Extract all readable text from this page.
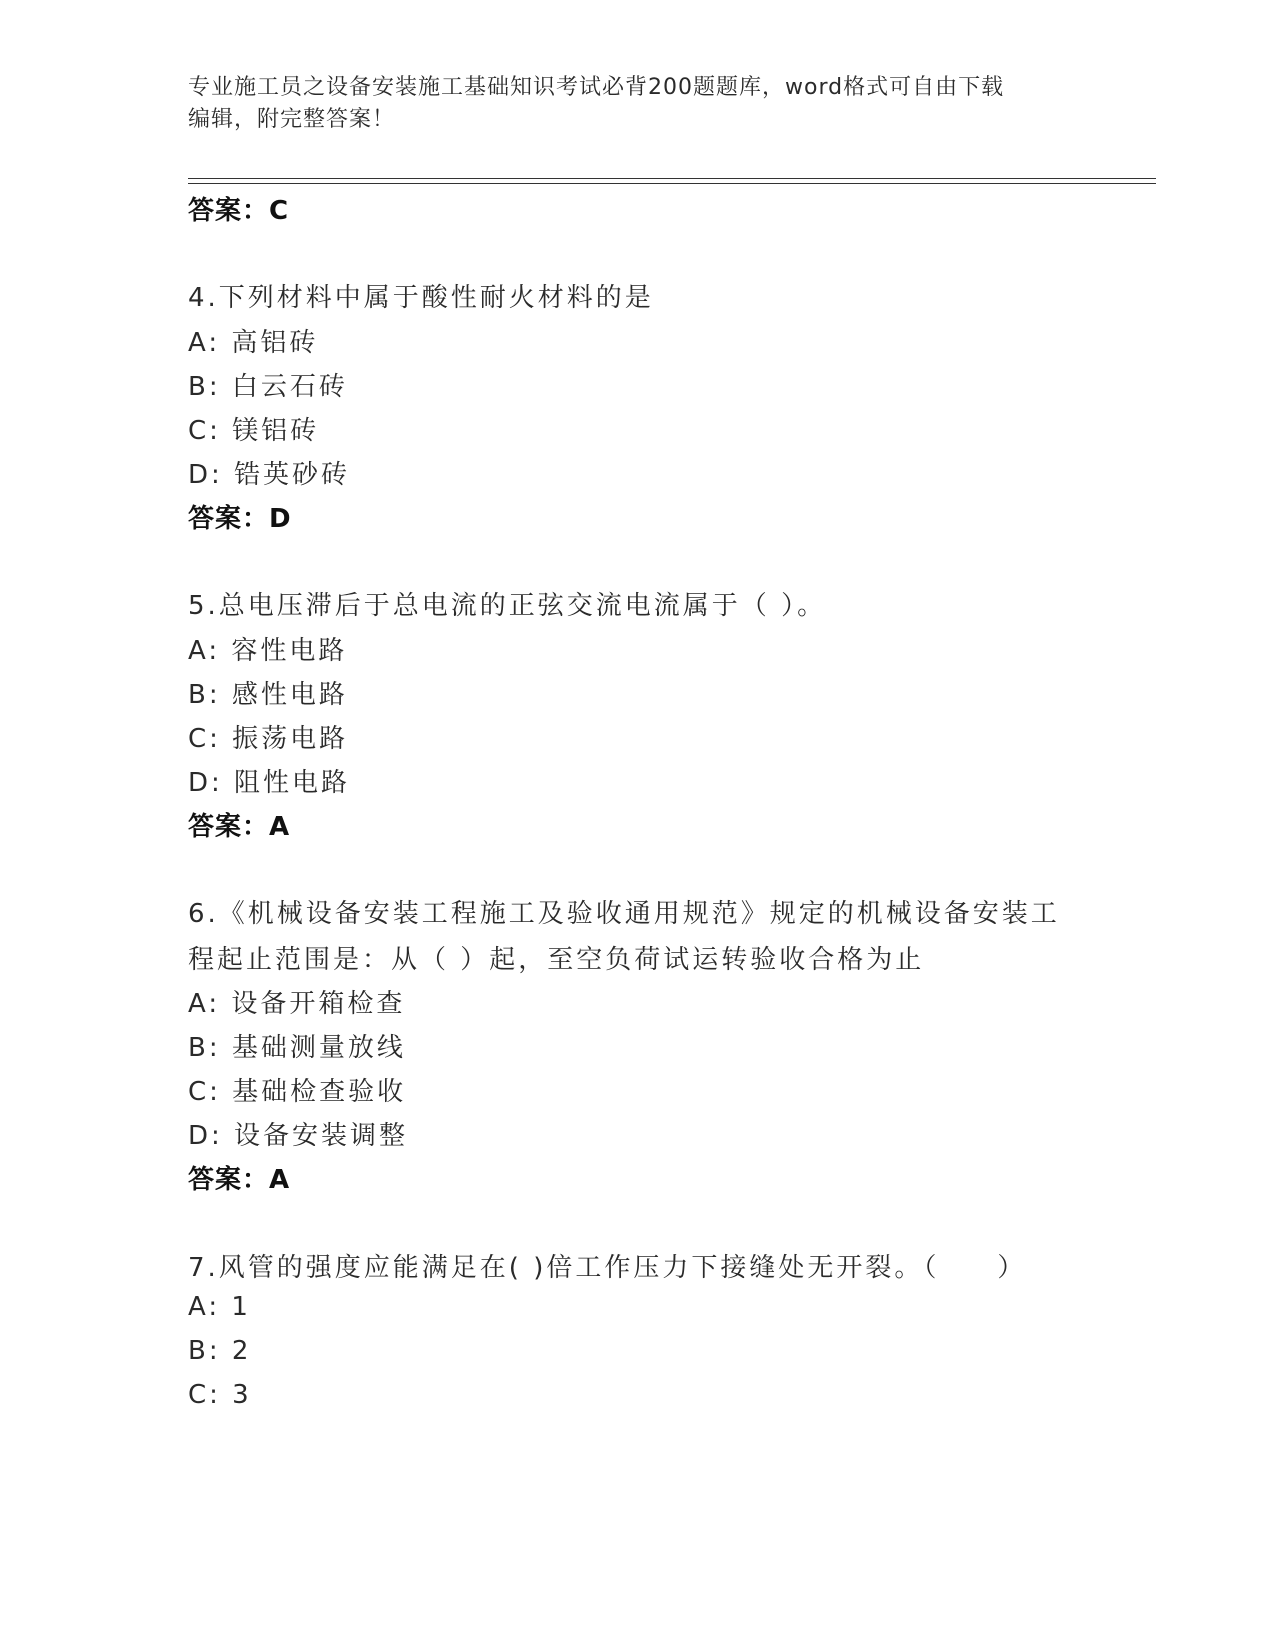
专业施工员之设备安装施工基础知识考试必背200题题库，word格式可自由下载
编辑，附完整答案！
答案：C
4.下列材料中属于酸性耐火材料的是
A: 高铝砖
B: 白云石砖
C: 镁铝砖
D: 锆英砂砖
答案：D
5.总电压滞后于总电流的正弦交流电流属于（ ）。
A: 容性电路
B: 感性电路
C: 振荡电路
D: 阻性电路
答案：A
6.《机械设备安装工程施工及验收通用规范》规定的机械设备安装工
程起止范围是：从（ ）起，至空负荷试运转验收合格为止
A: 设备开箱检查
B: 基础测量放线
C: 基础检查验收
D: 设备安装调整
答案：A
7.风管的强度应能满足在( )倍工作压力下接缝处无开裂。（　　）
A: 1
B: 2
C: 3
